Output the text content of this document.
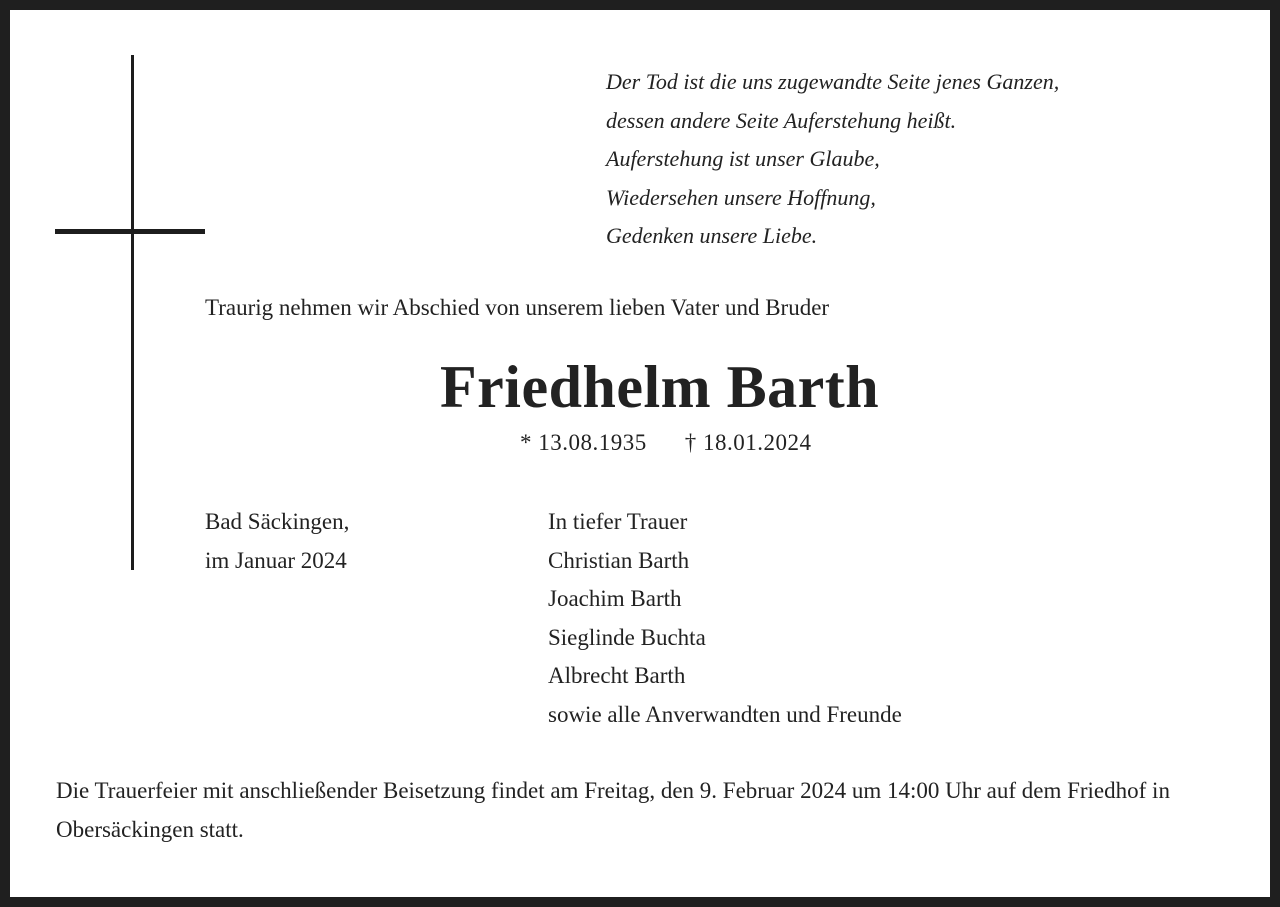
Der Tod ist die uns zugewandte Seite jenes Ganzen,
dessen andere Seite Auferstehung heißt.
Auferstehung ist unser Glaube,
Wiedersehen unsere Hoffnung,
Gedenken unsere Liebe.
Traurig nehmen wir Abschied von unserem lieben Vater und Bruder
Friedhelm Barth
* 13.08.1935 † 18.01.2024
Bad Säckingen,
im Januar 2024
In tiefer Trauer
Christian Barth
Joachim Barth
Sieglinde Buchta
Albrecht Barth
sowie alle Anverwandten und Freunde
Die Trauerfeier mit anschließender Beisetzung findet am Freitag, den 9. Februar 2024 um 14:00 Uhr auf dem Friedhof in Obersäckingen statt.
